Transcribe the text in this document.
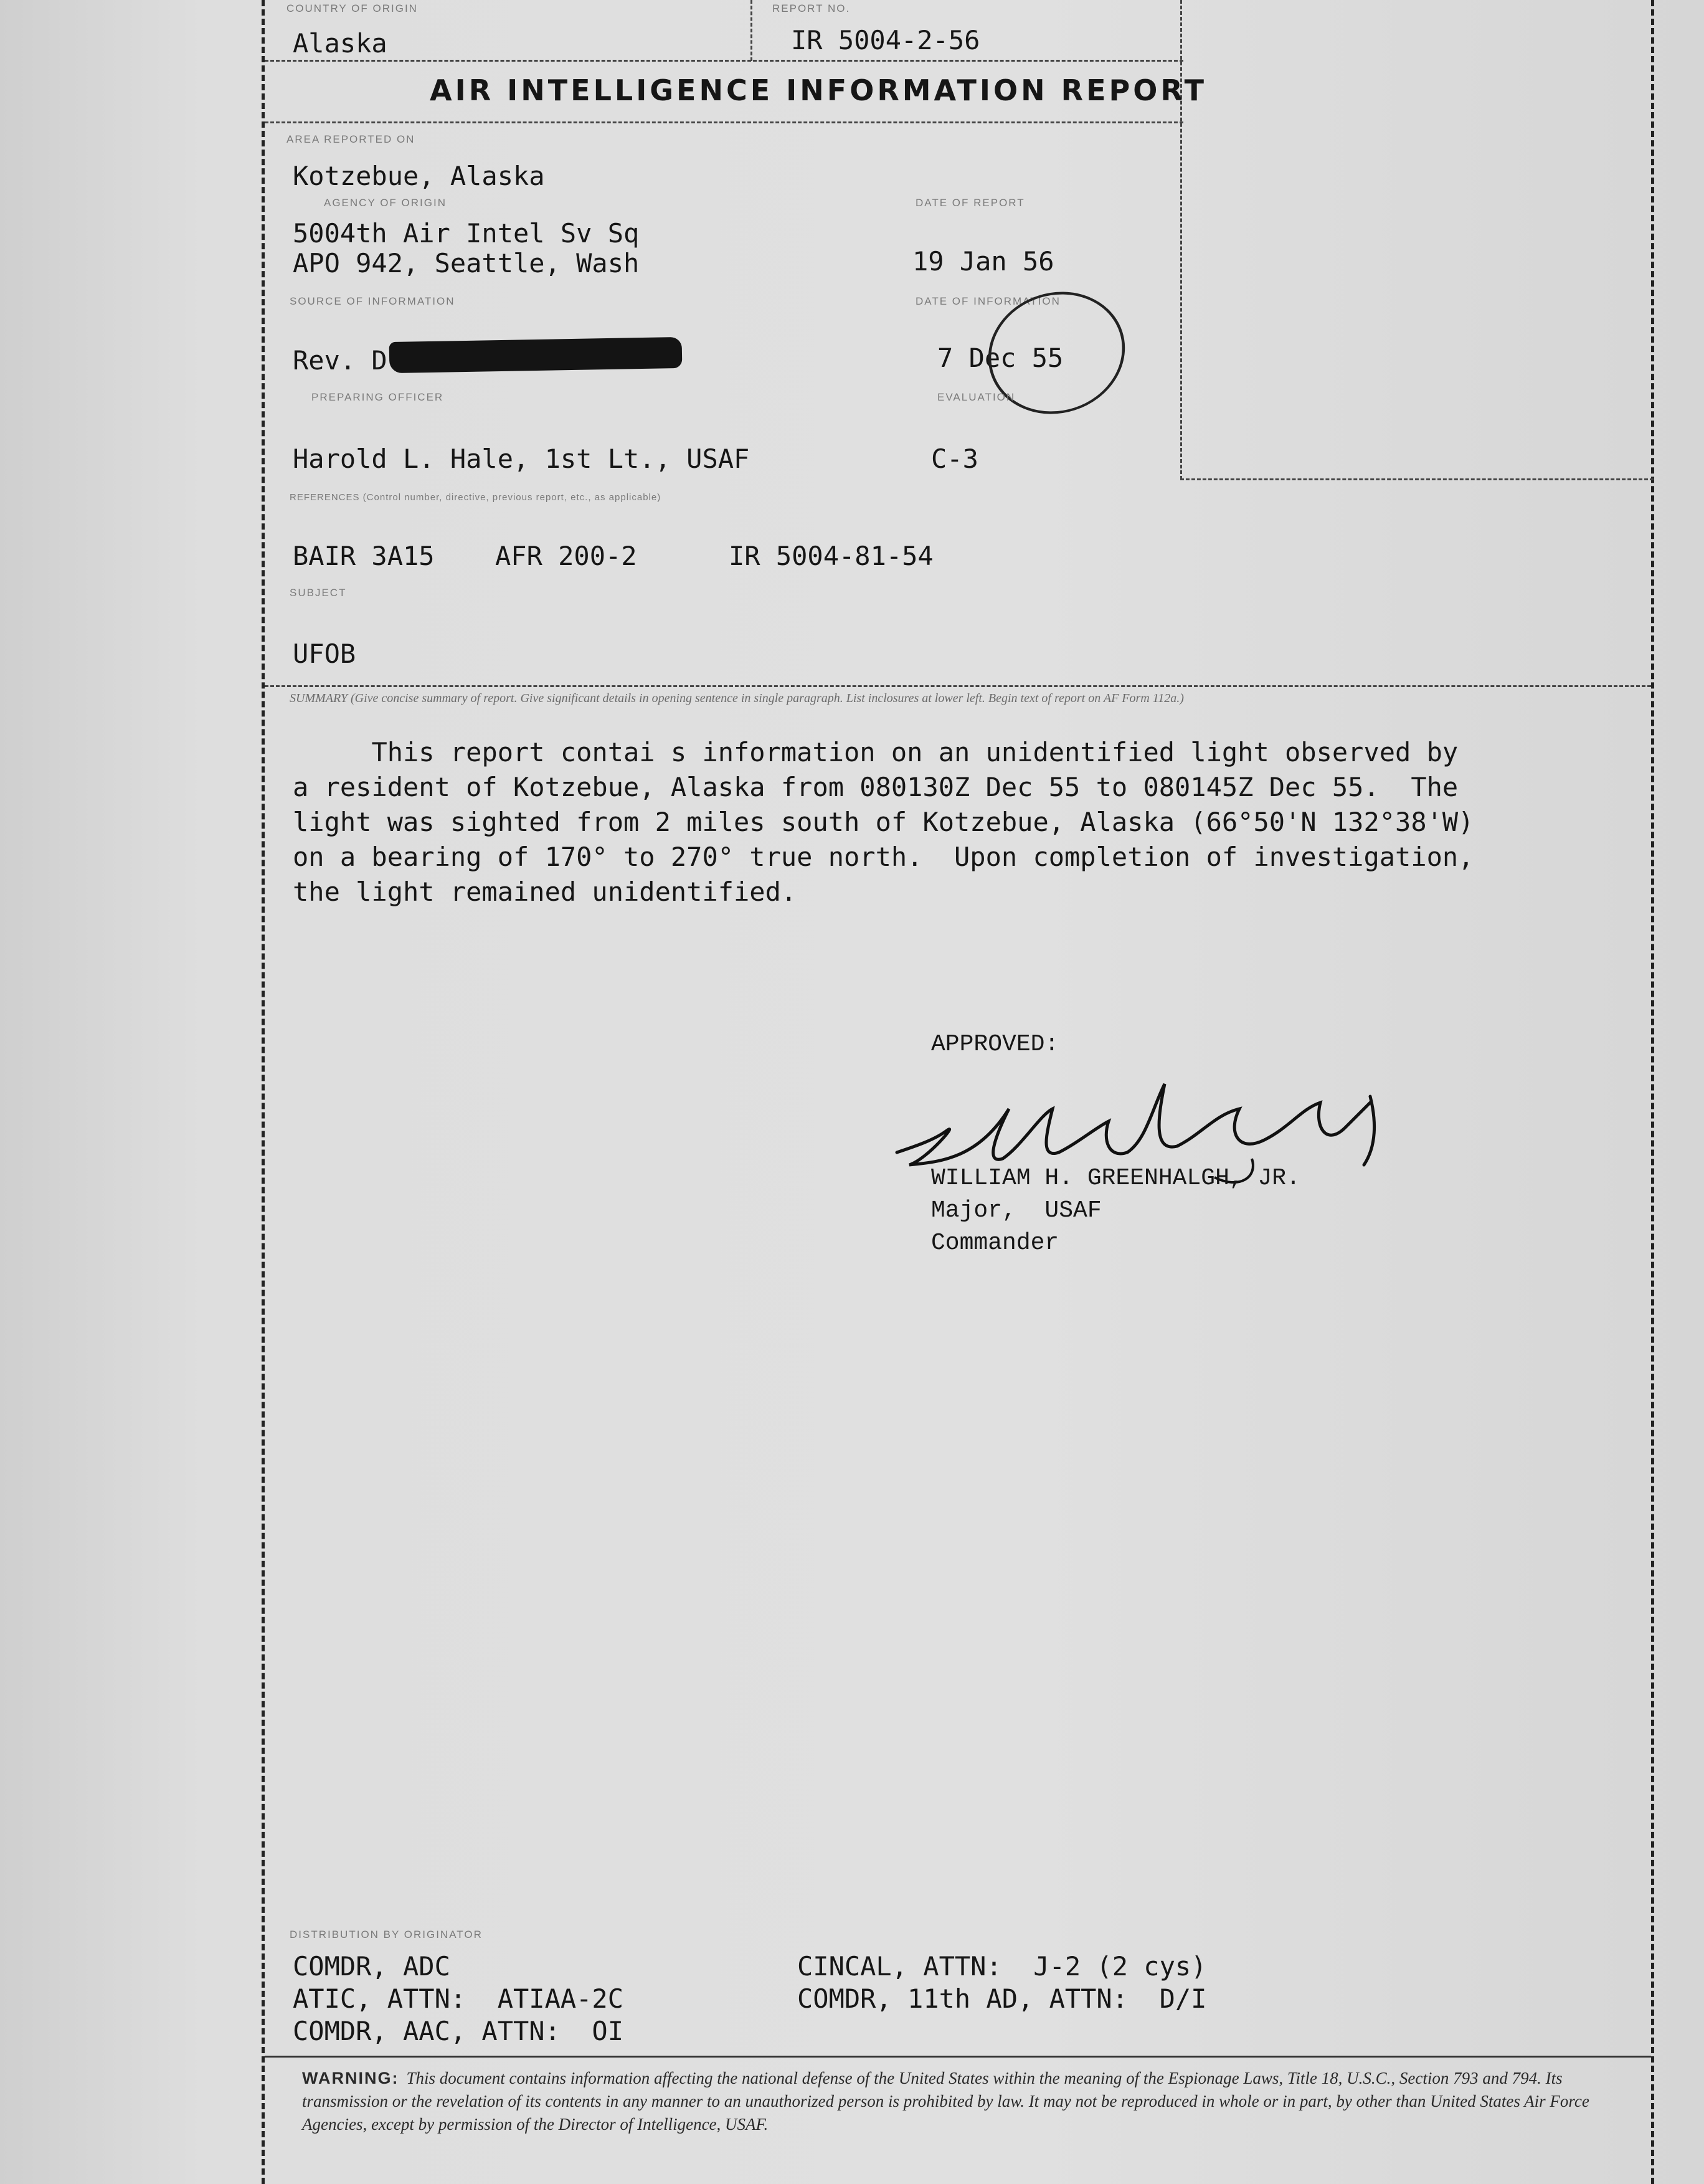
COUNTRY OF ORIGIN
Alaska
REPORT NO.
IR 5004-2-56
AIR INTELLIGENCE INFORMATION REPORT
AREA REPORTED ON
Kotzebue, Alaska
AGENCY OF ORIGIN
5004th Air Intel Sv Sq
APO 942, Seattle, Wash
DATE OF REPORT
19 Jan 56
SOURCE OF INFORMATION
Rev. D
DATE OF INFORMATION
7 Dec 55
PREPARING OFFICER
Harold L. Hale, 1st Lt., USAF
EVALUATION
C-3
REFERENCES (Control number, directive, previous report, etc., as applicable)
BAIR 3A15 AFR 200-2	IR 5004-81-54
SUBJECT
UFOB
SUMMARY (Give concise summary of report. Give significant details in opening sentence in single paragraph. List inclosures at lower left. Begin text of report on AF Form 112a.)
This report contai s information on an unidentified light observed by
a resident of Kotzebue, Alaska from 080130Z Dec 55 to 080145Z Dec 55.  The
light was sighted from 2 miles south of Kotzebue, Alaska (66°50'N 132°38'W)
on a bearing of 170° to 270° true north.  Upon completion of investigation,
the light remained unidentified.
APPROVED:
WILLIAM H. GREENHALGH, JR.
Major,  USAF
Commander
DISTRIBUTION BY ORIGINATOR
COMDR, ADC
ATIC, ATTN:  ATIAA-2C
COMDR, AAC, ATTN:  OI
CINCAL, ATTN:  J-2 (2 cys)
COMDR, 11th AD, ATTN:  D/I
WARNING: This document contains information affecting the national defense of the United States within the meaning of the Espionage Laws, Title 18, U.S.C., Section 793 and 794. Its transmission or the revelation of its contents in any manner to an unauthorized person is prohibited by law. It may not be reproduced in whole or in part, by other than United States Air Force Agencies, except by permission of the Director of Intelligence, USAF.
